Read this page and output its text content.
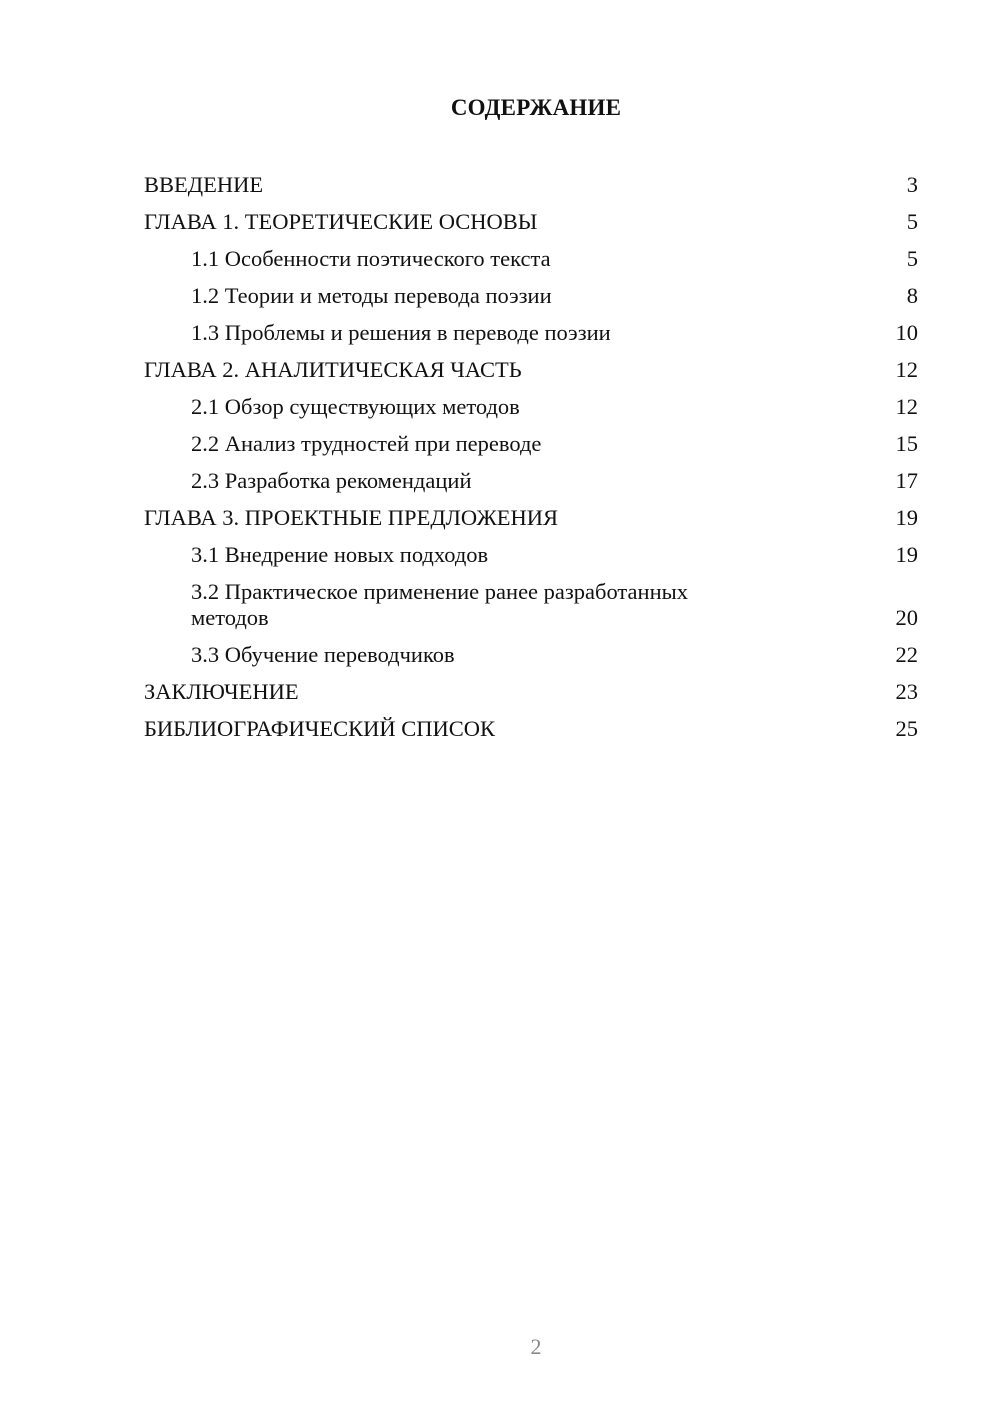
СОДЕРЖАНИЕ
ВВЕДЕНИЕ	3
ГЛАВА 1. ТЕОРЕТИЧЕСКИЕ ОСНОВЫ	5
1.1 Особенности поэтического текста	5
1.2 Теории и методы перевода поэзии	8
1.3 Проблемы и решения в переводе поэзии	10
ГЛАВА 2. АНАЛИТИЧЕСКАЯ ЧАСТЬ	12
2.1 Обзор существующих методов	12
2.2 Анализ трудностей при переводе	15
2.3 Разработка рекомендаций	17
ГЛАВА 3. ПРОЕКТНЫЕ ПРЕДЛОЖЕНИЯ	19
3.1 Внедрение новых подходов	19
3.2 Практическое применение ранее разработанных методов	20
3.3 Обучение переводчиков	22
ЗАКЛЮЧЕНИЕ	23
БИБЛИОГРАФИЧЕСКИЙ СПИСОК	25
2
